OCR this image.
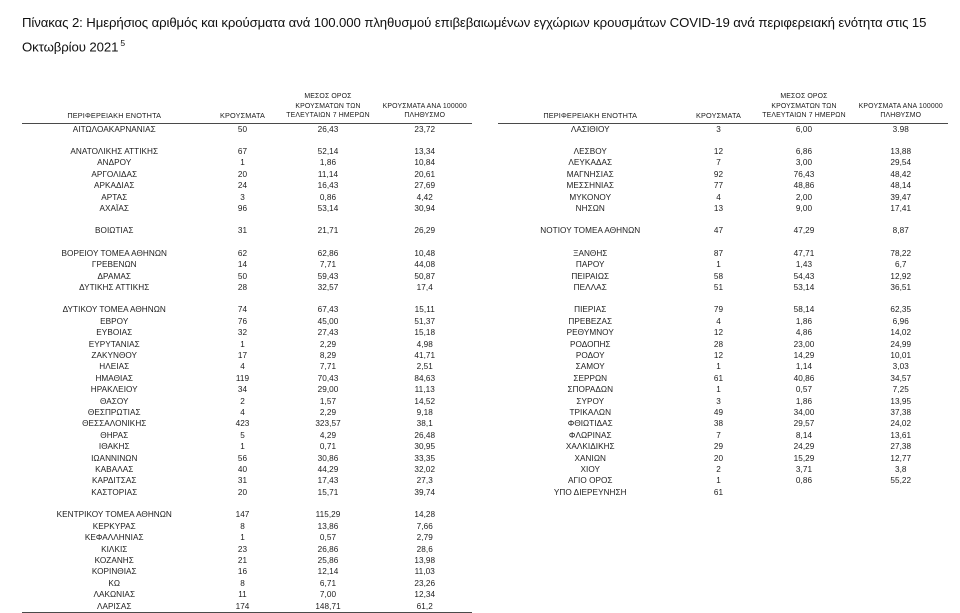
Πίνακας 2: Ημερήσιος αριθμός και κρούσματα ανά 100.000 πληθυσμού επιβεβαιωμένων εγχώριων κρουσμάτων COVID-19 ανά περιφερειακή ενότητα στις 15 Οκτωβρίου 2021 $^5$
ΠΕΡΙΦΕΡΕΙΑΚΗ ΕΝΟΤΗΤΑ	ΚΡΟΥΣΜΑΤΑ	ΜΕΣΟΣ ΟΡΟΣ ΚΡΟΥΣΜΑΤΩΝ ΤΩΝ
ΤΕΛΕΥΤΑΙΩΝ 7 ΗΜΕΡΩΝ	ΚΡΟΥΣΜΑΤΑ ΑΝΑ 100000
ΠΛΗΘΥΣΜΟ
ΑΙΤΩΛΟΑΚΑΡΝΑΝΙΑΣ	50	26,43	23,72

ΑΝΑΤΟΛΙΚΗΣ ΑΤΤΙΚΗΣ	67	52,14	13,34
ΑΝΔΡΟΥ	1	1,86	10,84
ΑΡΓΟΛΙΔΑΣ	20	11,14	20,61
ΑΡΚΑΔΙΑΣ	24	16,43	27,69
ΑΡΤΑΣ	3	0,86	4,42
ΑΧΑΪΑΣ	96	53,14	30,94

ΒΟΙΩΤΙΑΣ	31	21,71	26,29

ΒΟΡΕΙΟΥ ΤΟΜΕΑ ΑΘΗΝΩΝ	62	62,86	10,48
ΓΡΕΒΕΝΩΝ	14	7,71	44,08
ΔΡΑΜΑΣ	50	59,43	50,87
ΔΥΤΙΚΗΣ ΑΤΤΙΚΗΣ	28	32,57	17,4

ΔΥΤΙΚΟΥ ΤΟΜΕΑ ΑΘΗΝΩΝ	74	67,43	15,11
ΕΒΡΟΥ	76	45,00	51,37
ΕΥΒΟΙΑΣ	32	27,43	15,18
ΕΥΡΥΤΑΝΙΑΣ	1	2,29	4,98
ΖΑΚΥΝΘΟΥ	17	8,29	41,71
ΗΛΕΙΑΣ	4	7,71	2,51
ΗΜΑΘΙΑΣ	119	70,43	84,63
ΗΡΑΚΛΕΙΟΥ	34	29,00	11,13
ΘΑΣΟΥ	2	1,57	14,52
ΘΕΣΠΡΩΤΙΑΣ	4	2,29	9,18
ΘΕΣΣΑΛΟΝΙΚΗΣ	423	323,57	38,1
ΘΗΡΑΣ	5	4,29	26,48
ΙΘΑΚΗΣ	1	0,71	30,95
ΙΩΑΝΝΙΝΩΝ	56	30,86	33,35
ΚΑΒΑΛΑΣ	40	44,29	32,02
ΚΑΡΔΙΤΣΑΣ	31	17,43	27,3
ΚΑΣΤΟΡΙΑΣ	20	15,71	39,74

ΚΕΝΤΡΙΚΟΥ ΤΟΜΕΑ ΑΘΗΝΩΝ	147	115,29	14,28
ΚΕΡΚΥΡΑΣ	8	13,86	7,66
ΚΕΦΑΛΛΗΝΙΑΣ	1	0,57	2,79
ΚΙΛΚΙΣ	23	26,86	28,6
ΚΟΖΑΝΗΣ	21	25,86	13,98
ΚΟΡΙΝΘΙΑΣ	16	12,14	11,03
ΚΩ	8	6,71	23,26
ΛΑΚΩΝΙΑΣ	11	7,00	12,34
ΛΑΡΙΣΑΣ	174	148,71	61,2
ΠΕΡΙΦΕΡΕΙΑΚΗ ΕΝΟΤΗΤΑ	ΚΡΟΥΣΜΑΤΑ	ΜΕΣΟΣ ΟΡΟΣ ΚΡΟΥΣΜΑΤΩΝ ΤΩΝ
ΤΕΛΕΥΤΑΙΩΝ 7 ΗΜΕΡΩΝ	ΚΡΟΥΣΜΑΤΑ ΑΝΑ 100000
ΠΛΗΘΥΣΜΟ
ΛΑΣΙΘΙΟΥ	3	6,00	3.98

ΛΕΣΒΟΥ	12	6,86	13,88
ΛΕΥΚΑΔΑΣ	7	3,00	29,54
ΜΑΓΝΗΣΙΑΣ	92	76,43	48,42
ΜΕΣΣΗΝΙΑΣ	77	48,86	48,14
ΜΥΚΟΝΟΥ	4	2,00	39,47
ΝΗΣΩΝ	13	9,00	17,41

ΝΟΤΙΟΥ ΤΟΜΕΑ ΑΘΗΝΩΝ	47	47,29	8,87

ΞΑΝΘΗΣ	87	47,71	78,22
ΠΑΡΟΥ	1	1,43	6,7
ΠΕΙΡΑΙΩΣ	58	54,43	12,92
ΠΕΛΛΑΣ	51	53,14	36,51

ΠΙΕΡΙΑΣ	79	58,14	62,35
ΠΡΕΒΕΖΑΣ	4	1,86	6,96
ΡΕΘΥΜΝΟΥ	12	4,86	14,02
ΡΟΔΟΠΗΣ	28	23,00	24,99
ΡΟΔΟΥ	12	14,29	10,01
ΣΑΜΟΥ	1	1,14	3,03
ΣΕΡΡΩΝ	61	40,86	34,57
ΣΠΟΡΑΔΩΝ	1	0,57	7,25
ΣΥΡΟΥ	3	1,86	13,95
ΤΡΙΚΑΛΩΝ	49	34,00	37,38
ΦΘΙΩΤΙΔΑΣ	38	29,57	24,02
ΦΛΩΡΙΝΑΣ	7	8,14	13,61
ΧΑΛΚΙΔΙΚΗΣ	29	24,29	27,38
ΧΑΝΙΩΝ	20	15,29	12,77
ΧΙΟΥ	2	3,71	3,8
ΑΓΙΟ ΟΡΟΣ	1	0,86	55,22
ΥΠΟ ΔΙΕΡΕΥΝΗΣΗ	61		
